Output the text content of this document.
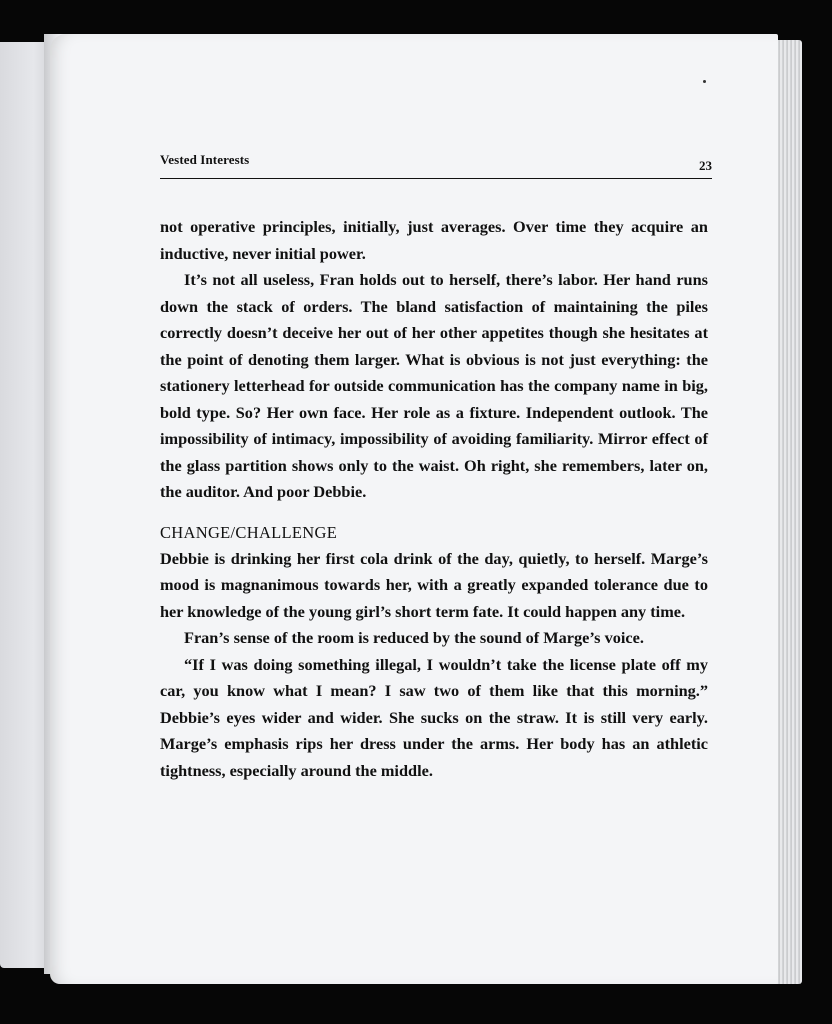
Vested Interests	23

not operative principles, initially, just averages. Over time they acquire an inductive, never initial power.

It’s not all useless, Fran holds out to herself, there’s labor. Her hand runs down the stack of orders. The bland satisfaction of maintaining the piles correctly doesn’t deceive her out of her other appetites though she hesitates at the point of denoting them larger. What is obvious is not just everything: the stationery letterhead for outside communication has the company name in big, bold type. So? Her own face. Her role as a fixture. Independent outlook. The impossibility of intimacy, impossibility of avoiding familiarity. Mirror effect of the glass partition shows only to the waist. Oh right, she remembers, later on, the auditor. And poor Debbie.

CHANGE/CHALLENGE

Debbie is drinking her first cola drink of the day, quietly, to herself. Marge’s mood is magnanimous towards her, with a greatly expanded tolerance due to her knowledge of the young girl’s short term fate. It could happen any time.

Fran’s sense of the room is reduced by the sound of Marge’s voice.

“If I was doing something illegal, I wouldn’t take the license plate off my car, you know what I mean? I saw two of them like that this morning.” Debbie’s eyes wider and wider. She sucks on the straw. It is still very early. Marge’s emphasis rips her dress under the arms. Her body has an athletic tightness, especially around the middle.
